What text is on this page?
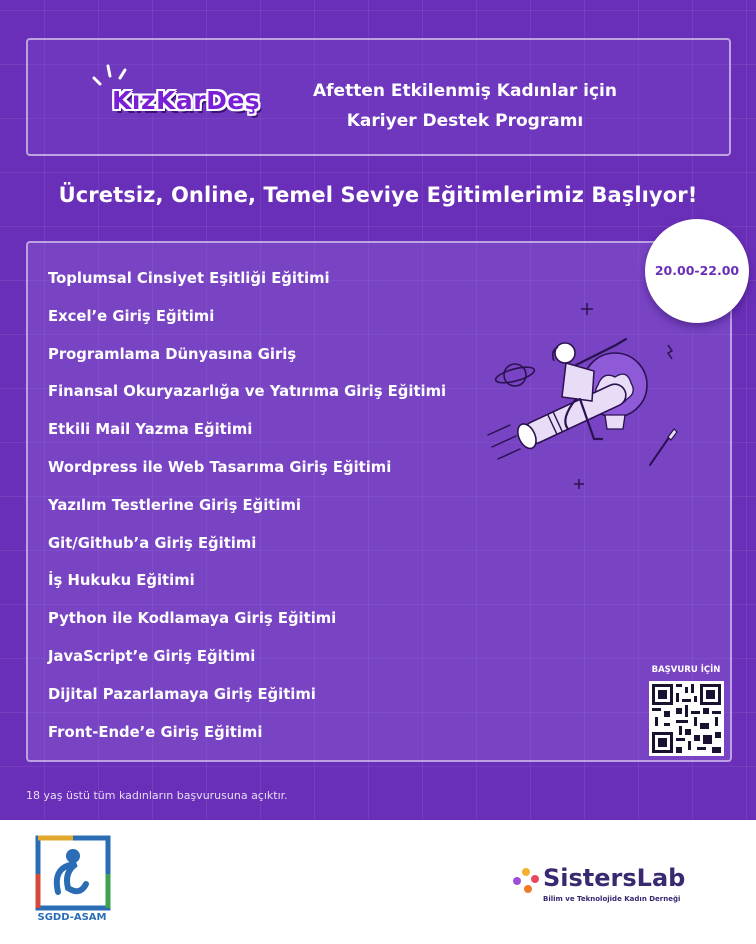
KızKarDeş	Afetten Etkilenmiş Kadınlar için
Kariyer Destek Programı
Ücretsiz, Online, Temel Seviye Eğitimlerimiz Başlıyor!
Toplumsal Cinsiyet Eşitliği Eğitimi
Excel’e Giriş Eğitimi
Programlama Dünyasına Giriş
Finansal Okuryazarlığa ve Yatırıma Giriş Eğitimi
Etkili Mail Yazma Eğitimi
Wordpress ile Web Tasarıma Giriş Eğitimi
Yazılım Testlerine Giriş Eğitimi
Git/Github’a Giriş Eğitimi
İş Hukuku Eğitimi
Python ile Kodlamaya Giriş Eğitimi
JavaScript’e Giriş Eğitimi
Dijital Pazarlamaya Giriş Eğitimi
Front-Ende’e Giriş Eğitimi
20.00-22.00
BAŞVURU İÇİN
18 yaş üstü tüm kadınların başvurusuna açıktır.
SGDD-ASAM
SistersLab
Bilim ve Teknolojide Kadın Derneği
